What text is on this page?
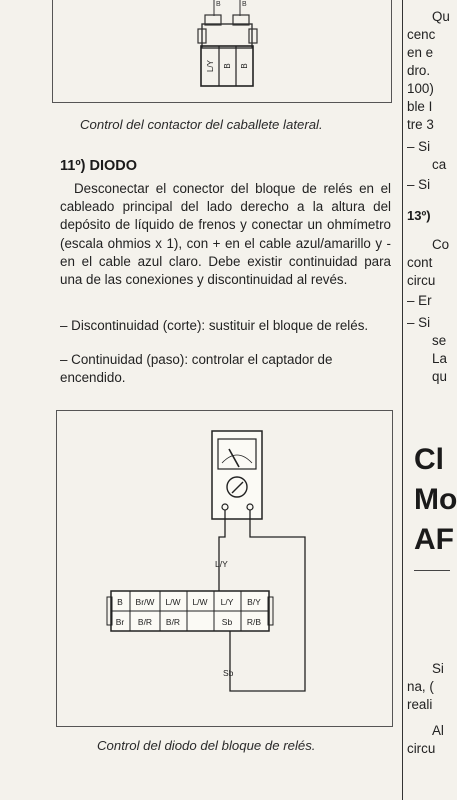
B	B
L/Y B B
Control del contactor del caballete lateral.
11º) DIODO
Desconectar el conector del bloque de relés en el cableado principal del lado derecho a la altura del depósito de líquido de frenos y conectar un ohmímetro (escala ohmios x 1), con + en el cable azul/amarillo y - en el cable azul claro. Debe existir continuidad para una de las conexiones y discontinuidad al revés.
– Discontinuidad (corte): sustituir el bloque de relés.
– Continuidad (paso): controlar el captador de encendido.
L/Y
Sb
B Br/W L/W L/W L/Y B/Y
Br B/R B/R	Sb R/B
Control del diodo del bloque de relés.
Qu
cenc
en e
dro.
100)
ble I
tre 3
– Si
ca
– Si
13º)
Co
cont
circu
– Er
– Si
se
La
qu
Cl
Mo
AF
Si
na, (
reali
Al
circu
